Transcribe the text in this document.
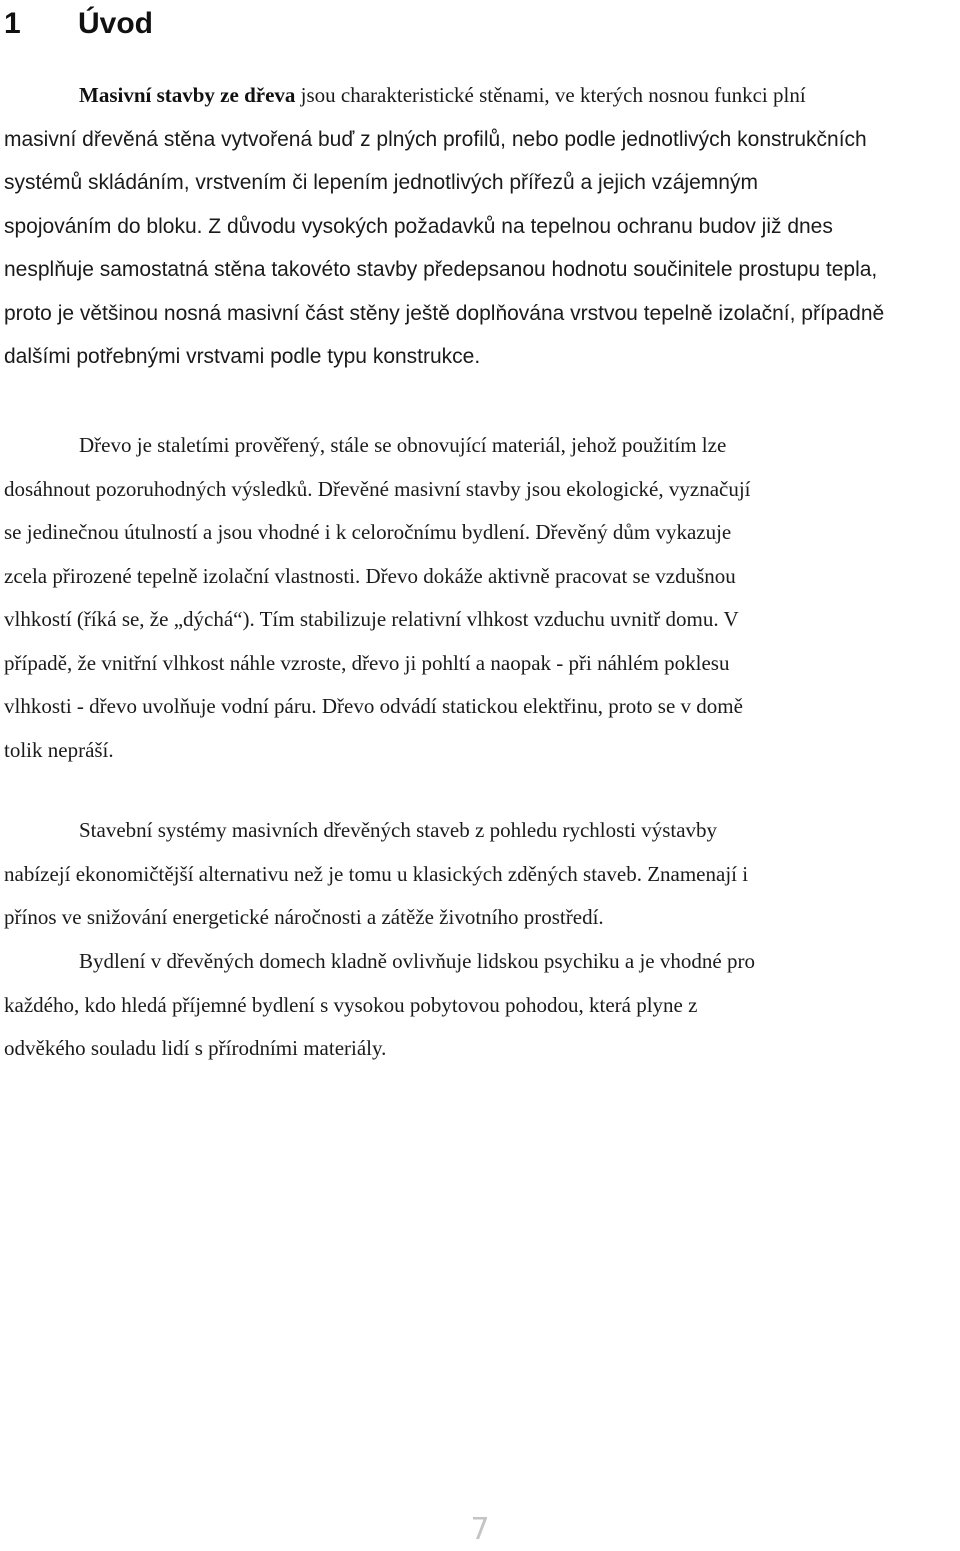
1 Úvod

Masivní stavby ze dřeva jsou charakteristické stěnami, ve kterých nosnou funkci plní
masivní dřevěná stěna vytvořená buď z plných profilů, nebo podle jednotlivých konstrukčních
systémů skládáním, vrstvením či lepením jednotlivých přířezů a jejich vzájemným
spojováním do bloku. Z důvodu vysokých požadavků na tepelnou ochranu budov již dnes
nesplňuje samostatná stěna takovéto stavby předepsanou hodnotu součinitele prostupu tepla,
proto je většinou nosná masivní část stěny ještě doplňována vrstvou tepelně izolační, případně
dalšími potřebnými vrstvami podle typu konstrukce.

Dřevo je staletími prověřený, stále se obnovující materiál, jehož použitím lze
dosáhnout pozoruhodných výsledků. Dřevěné masivní stavby jsou ekologické, vyznačují
se jedinečnou útulností a jsou vhodné i k celoročnímu bydlení. Dřevěný dům vykazuje
zcela přirozené tepelně izolační vlastnosti. Dřevo dokáže aktivně pracovat se vzdušnou
vlhkostí (říká se, že „dýchá“). Tím stabilizuje relativní vlhkost vzduchu uvnitř domu. V
případě, že vnitřní vlhkost náhle vzroste, dřevo ji pohltí a naopak - při náhlém poklesu
vlhkosti - dřevo uvolňuje vodní páru. Dřevo odvádí statickou elektřinu, proto se v domě
tolik nepráší.

Stavební systémy masivních dřevěných staveb z pohledu rychlosti výstavby
nabízejí ekonomičtější alternativu než je tomu u klasických zděných staveb. Znamenají i
přínos ve snižování energetické náročnosti a zátěže životního prostředí.

Bydlení v dřevěných domech kladně ovlivňuje lidskou psychiku a je vhodné pro
každého, kdo hledá příjemné bydlení s vysokou pobytovou pohodou, která plyne z
odvěkého souladu lidí s přírodními materiály.

7
